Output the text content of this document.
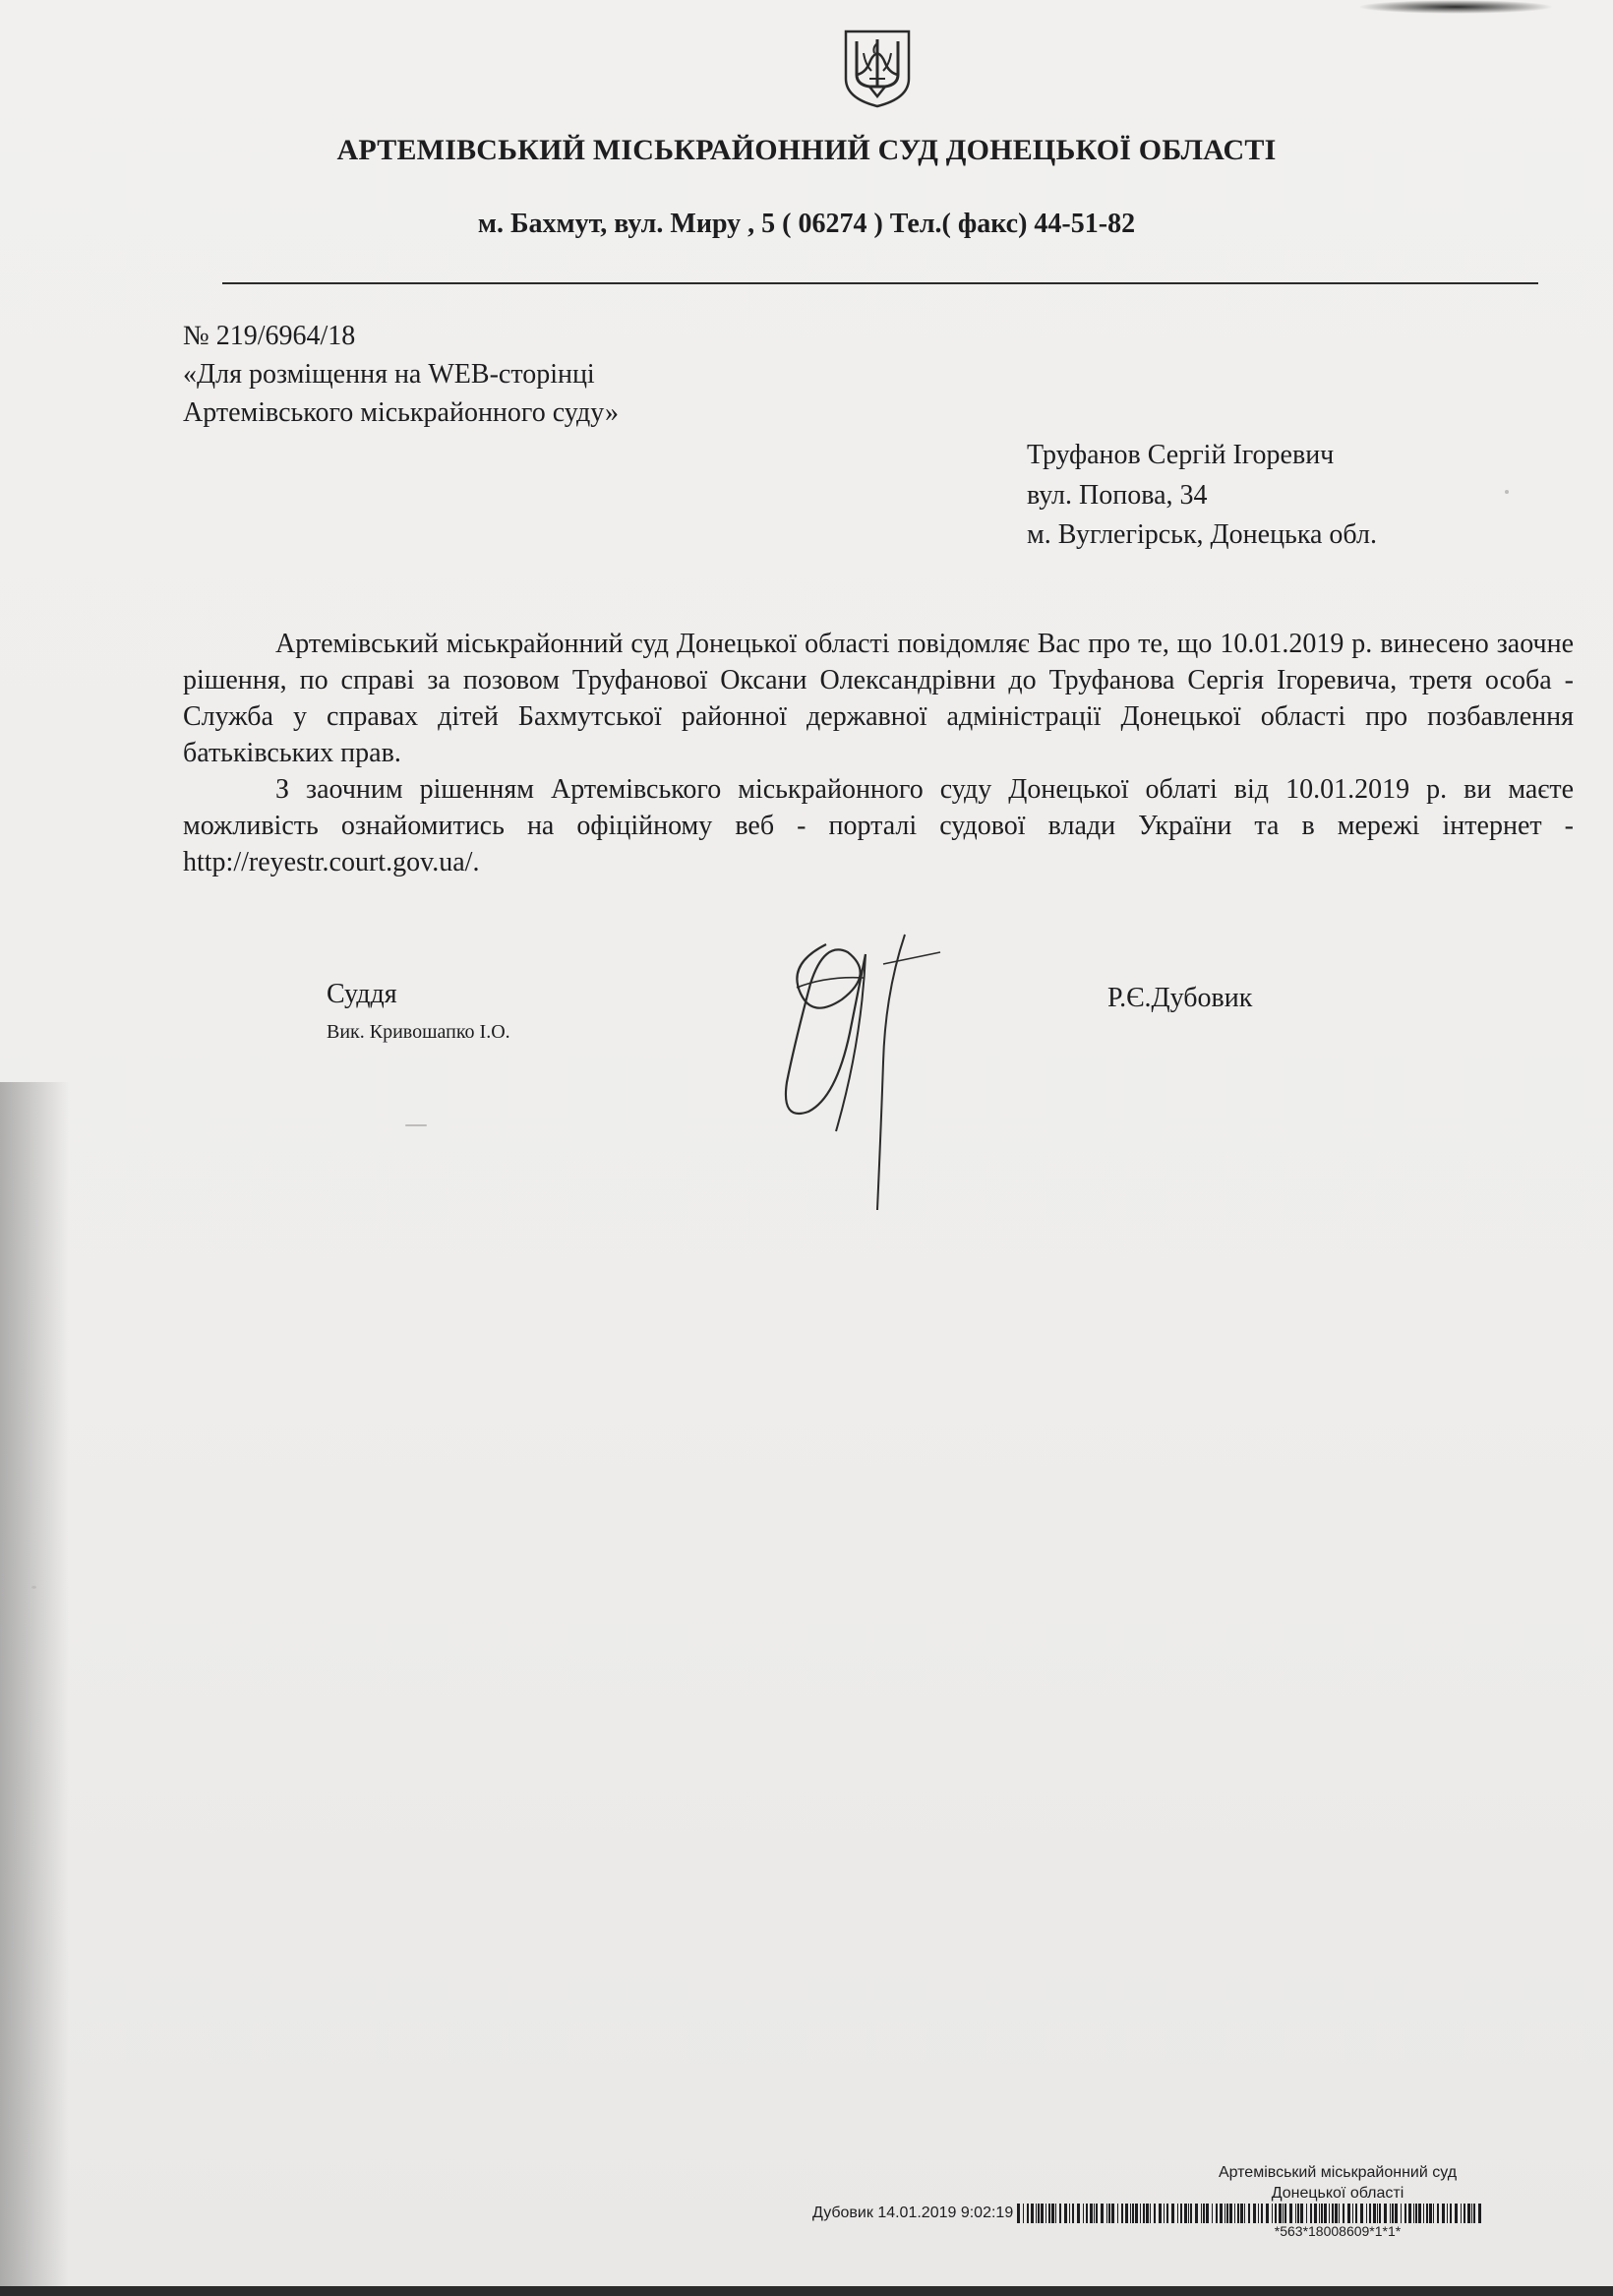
АРТЕМІВСЬКИЙ МІСЬКРАЙОННИЙ СУД ДОНЕЦЬКОЇ ОБЛАСТІ
м. Бахмут, вул. Миру , 5 ( 06274 ) Тел.( факс) 44-51-82
№ 219/6964/18
«Для розміщення на WEB-сторінці
Артемівського міськрайонного суду»
Труфанов Сергій Ігоревич
вул. Попова, 34
м. Вуглегірськ, Донецька обл.

Артемівський міськрайонний суд Донецької області повідомляє Вас про те, що 10.01.2019 р. винесено заочне рішення, по справі за позовом Труфанової Оксани Олександрівни до Труфанова Сергія Ігоревича, третя особа - Служба у справах дітей Бахмутської районної державної адміністрації Донецької області про позбавлення батьківських прав.

З заочним рішенням Артемівського міськрайонного суду Донецької облаті від 10.01.2019 р. ви маєте можливість ознайомитись на офіційному веб - порталі судової влади України та в мережі інтернет - http://reyestr.court.gov.ua/.

Суддя
Вик. Кривошапко І.О.
Р.Є.Дубовик
Артемівський міськрайонний суд
Донецької області
Дубовик 14.01.2019 9:02:19
*563*18008609*1*1*
